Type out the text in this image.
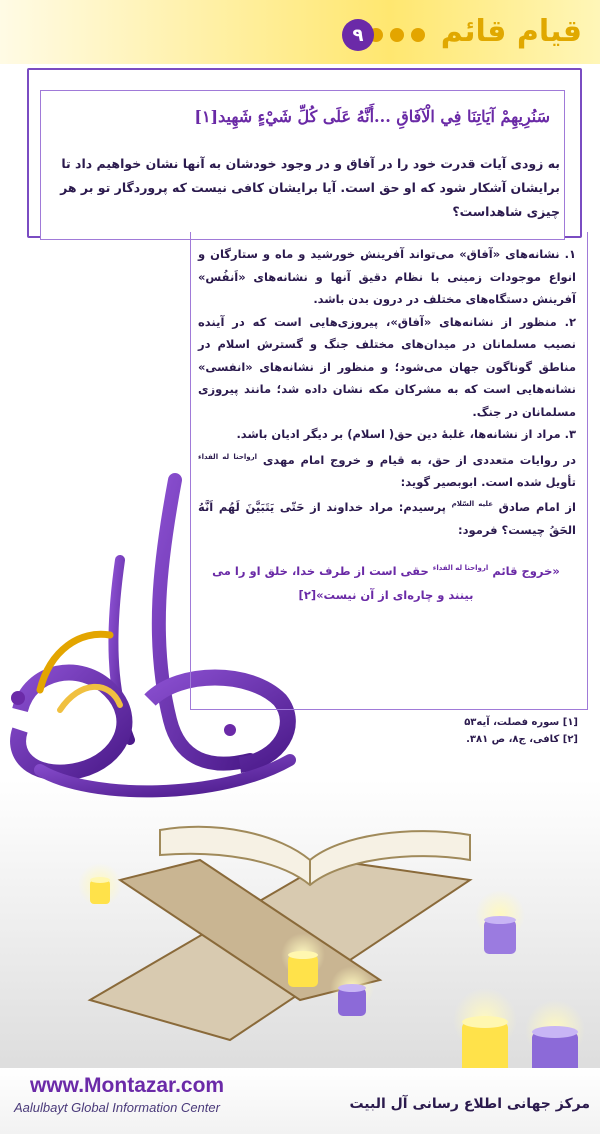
قیام قائم
۹
سَنُرِيهِمْ آيَاتِنَا فِي الْآفَاقِ ...أَنَّهُ عَلَى كُلِّ شَيْءٍ شَهِيد[۱]
به زودی آیات قدرت خود را در آفاق و در وجود خودشان به آنها نشان خواهیم داد تا برایشان آشکار شود که او حق است. آیا برایشان کافی نیست که پروردگار تو بر هر چیزی شاهداست؟

۱. نشانه‌های «آفاق» می‌تواند آفرینش خورشید و ماه و ستارگان و انواع موجودات زمینی با نظام دقیق آنها و نشانه‌های «اَنفُس» آفرینش دستگاه‌های مختلف در درون بدن باشد.

۲. منظور از نشانه‌های «آفاق»، پیروزی‌هایی است که در آینده نصیب مسلمانان در میدان‌های مختلف جنگ و گسترش اسلام در مناطق گوناگون جهان می‌شود؛ و منظور از نشانه‌های «انفسی» نشانه‌هایی است که به مشرکان مکه نشان داده شد؛ مانند پیروزی مسلمانان در جنگ.

۳. مراد از نشانه‌ها، غلبۀ دین حق( اسلام) بر دیگر ادیان باشد.

در روایات متعددی از حق، به قیام و خروج امام مهدی $^{ارواحنا له الفداء}$ تأویل شده است. ابوبصیر گوید:

از امام صادق $^{علیه السّلام}$ پرسیدم: مراد خداوند از حَتّی یَتَبَیَّنَ لَهُم اَنَّهُ الحَقُ چیست؟ فرمود:

«خروج قائم $^{ارواحنا له الفداء}$ حقی است از طرف خدا، خلق او را می بینند و چاره‌ای از آن نیست»[۲]
[۱] سوره فصلت، آیه۵۳
[۲] کافی، ج۸، ص ۳۸۱.
www.Montazar.com
Aalulbayt Global Information Center	مرکز جهانی اطلاع رسانی آل البیت
